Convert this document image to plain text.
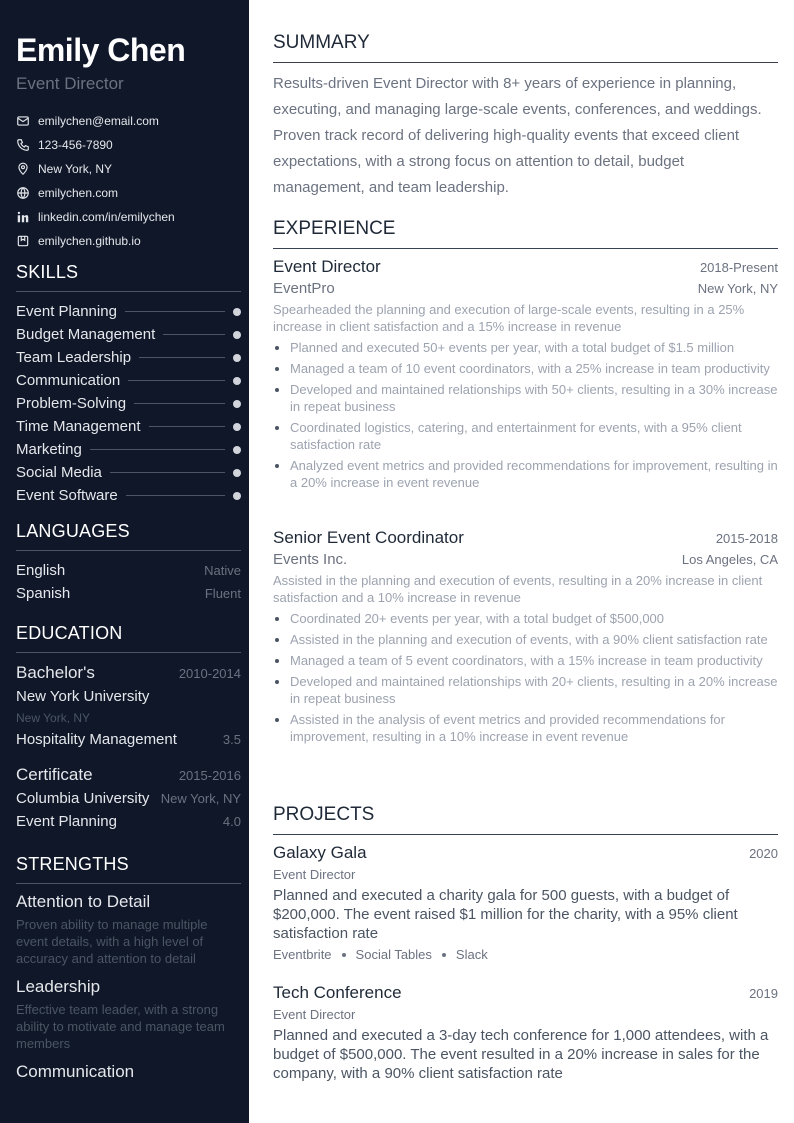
Emily Chen
Event Director
emilychen@email.com
123-456-7890
New York, NY
emilychen.com
linkedin.com/in/emilychen
emilychen.github.io
SKILLS
Event Planning
Budget Management
Team Leadership
Communication
Problem-Solving
Time Management
Marketing
Social Media
Event Software
LANGUAGES
English	Native
Spanish	Fluent
EDUCATION
Bachelor's	2010-2014
New York University
New York, NY
Hospitality Management	3.5
Certificate	2015-2016
Columbia University New York, NY
Event Planning	4.0
STRENGTHS
Attention to Detail
Proven ability to manage multiple event details, with a high level of accuracy and attention to detail
Leadership
Effective team leader, with a strong ability to motivate and manage team members
Communication
SUMMARY
Results-driven Event Director with 8+ years of experience in planning, executing, and managing large-scale events, conferences, and weddings. Proven track record of delivering high-quality events that exceed client expectations, with a strong focus on attention to detail, budget management, and team leadership.
EXPERIENCE
Event Director	2018-Present
EventPro	New York, NY
Spearheaded the planning and execution of large-scale events, resulting in a 25% increase in client satisfaction and a 15% increase in revenue
Planned and executed 50+ events per year, with a total budget of $1.5 million
Managed a team of 10 event coordinators, with a 25% increase in team productivity
Developed and maintained relationships with 50+ clients, resulting in a 30% increase in repeat business
Coordinated logistics, catering, and entertainment for events, with a 95% client satisfaction rate
Analyzed event metrics and provided recommendations for improvement, resulting in a 20% increase in event revenue
Senior Event Coordinator	2015-2018
Events Inc.	Los Angeles, CA
Assisted in the planning and execution of events, resulting in a 20% increase in client satisfaction and a 10% increase in revenue
Coordinated 20+ events per year, with a total budget of $500,000
Assisted in the planning and execution of events, with a 90% client satisfaction rate
Managed a team of 5 event coordinators, with a 15% increase in team productivity
Developed and maintained relationships with 20+ clients, resulting in a 20% increase in repeat business
Assisted in the analysis of event metrics and provided recommendations for improvement, resulting in a 10% increase in event revenue
PROJECTS
Galaxy Gala	2020
Event Director
Planned and executed a charity gala for 500 guests, with a budget of $200,000. The event raised $1 million for the charity, with a 95% client satisfaction rate
Eventbrite Social Tables Slack
Tech Conference	2019
Event Director
Planned and executed a 3-day tech conference for 1,000 attendees, with a budget of $500,000. The event resulted in a 20% increase in sales for the company, with a 90% client satisfaction rate
